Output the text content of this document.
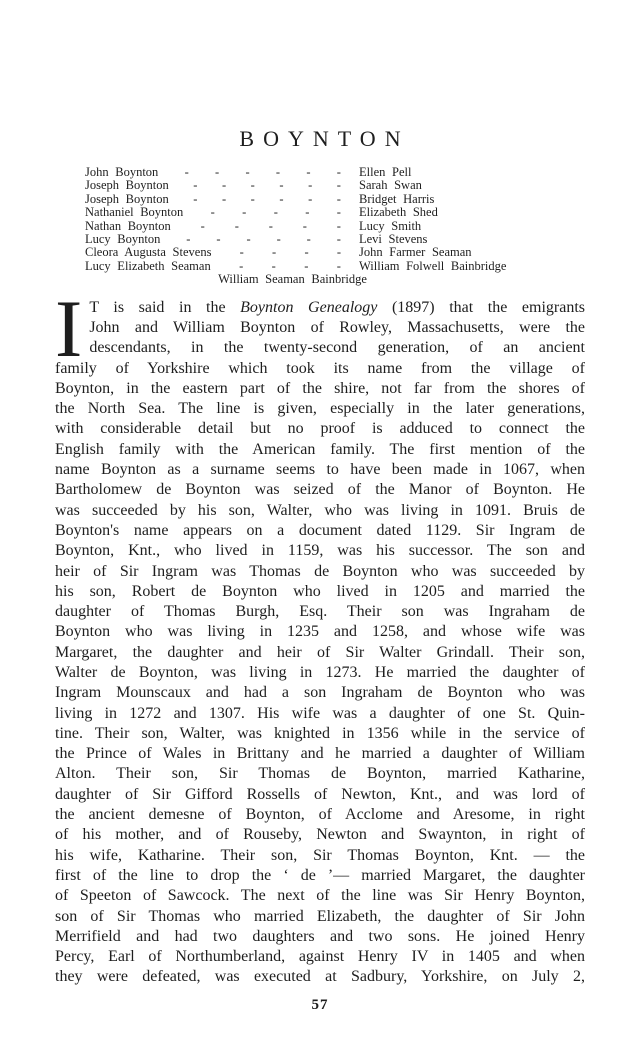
BOYNTON
John Boynton - - - - - - Ellen Pell
Joseph Boynton - - - - - - Sarah Swan
Joseph Boynton - - - - - - Bridget Harris
Nathaniel Boynton - - - - - Elizabeth Shed
Nathan Boynton - - - - - Lucy Smith
Lucy Boynton - - - - - - Levi Stevens
Cleora Augusta Stevens - - - - John Farmer Seaman
Lucy Elizabeth Seaman - - - - William Folwell Bainbridge
William Seaman Bainbridge
I T is said in the Boynton Genealogy (1897) that the emigrants
John and William Boynton of Rowley, Massachusetts, were the
descendants, in the twenty-second generation, of an ancient
family of Yorkshire which took its name from the village of
Boynton, in the eastern part of the shire, not far from the shores of
the North Sea. The line is given, especially in the later generations,
with considerable detail but no proof is adduced to connect the
English family with the American family. The first mention of the
name Boynton as a surname seems to have been made in 1067, when
Bartholomew de Boynton was seized of the Manor of Boynton. He
was succeeded by his son, Walter, who was living in 1091. Bruis de
Boynton's name appears on a document dated 1129. Sir Ingram de
Boynton, Knt., who lived in 1159, was his successor. The son and
heir of Sir Ingram was Thomas de Boynton who was succeeded by
his son, Robert de Boynton who lived in 1205 and married the
daughter of Thomas Burgh, Esq. Their son was Ingraham de
Boynton who was living in 1235 and 1258, and whose wife was
Margaret, the daughter and heir of Sir Walter Grindall. Their son,
Walter de Boynton, was living in 1273. He married the daughter of
Ingram Mounscaux and had a son Ingraham de Boynton who was
living in 1272 and 1307. His wife was a daughter of one St. Quin-
tine. Their son, Walter, was knighted in 1356 while in the service of
the Prince of Wales in Brittany and he married a daughter of William
Alton. Their son, Sir Thomas de Boynton, married Katharine,
daughter of Sir Gifford Rossells of Newton, Knt., and was lord of
the ancient demesne of Boynton, of Acclome and Aresome, in right
of his mother, and of Rouseby, Newton and Swaynton, in right of
his wife, Katharine. Their son, Sir Thomas Boynton, Knt. — the
first of the line to drop the ‘ de ’— married Margaret, the daughter
of Speeton of Sawcock. The next of the line was Sir Henry Boynton,
son of Sir Thomas who married Elizabeth, the daughter of Sir John
Merrifield and had two daughters and two sons. He joined Henry
Percy, Earl of Northumberland, against Henry IV in 1405 and when
they were defeated, was executed at Sadbury, Yorkshire, on July 2,
57
